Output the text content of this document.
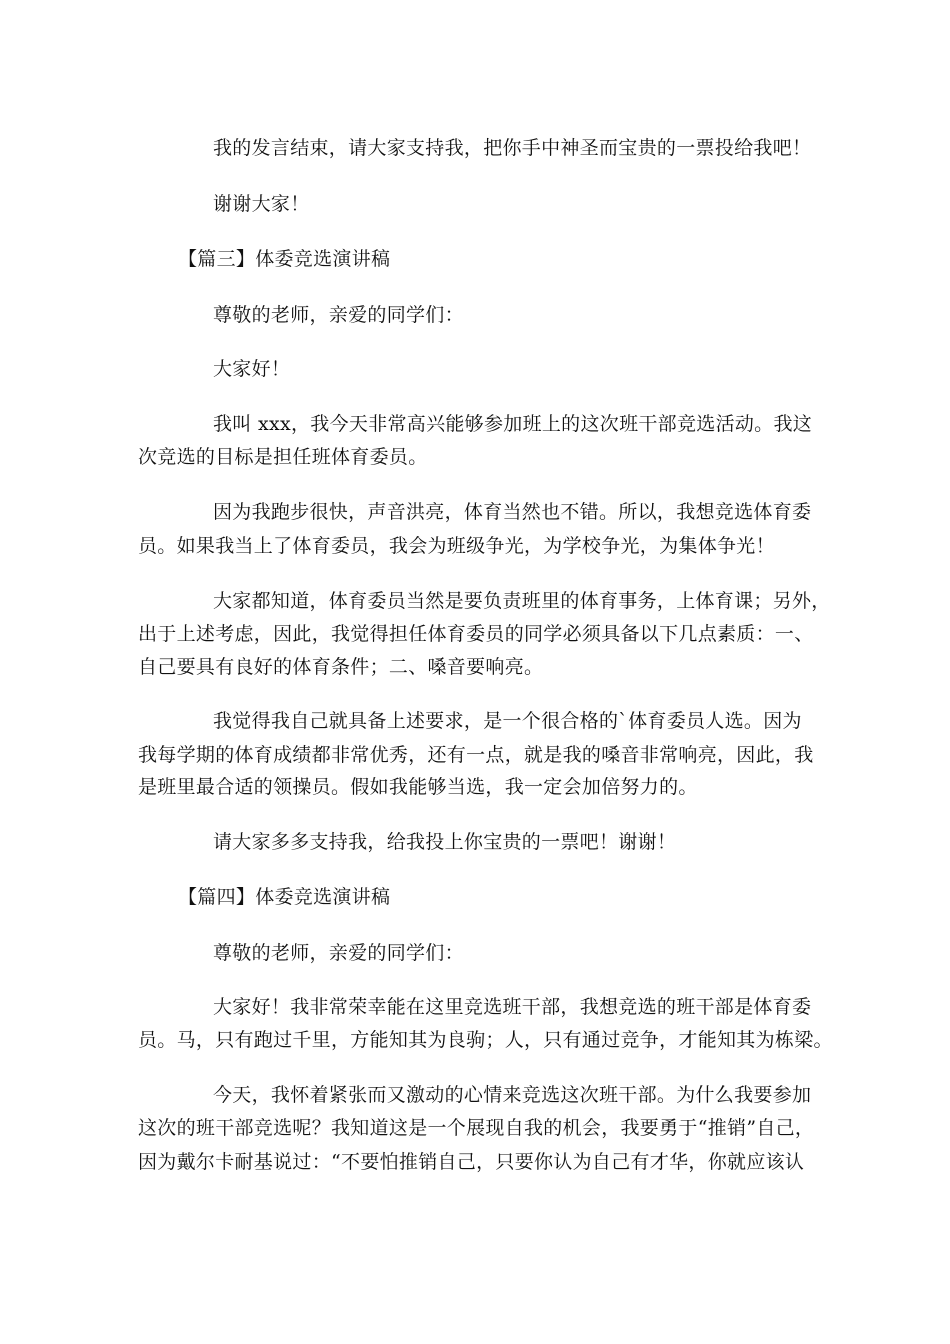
我的发言结束，请大家支持我，把你手中神圣而宝贵的一票投给我吧！
谢谢大家！
【篇三】体委竞选演讲稿
尊敬的老师，亲爱的同学们：
大家好！
我叫 xxx，我今天非常高兴能够参加班上的这次班干部竞选活动。我这
次竞选的目标是担任班体育委员。
因为我跑步很快，声音洪亮，体育当然也不错。所以，我想竞选体育委
员。如果我当上了体育委员，我会为班级争光，为学校争光，为集体争光！
大家都知道，体育委员当然是要负责班里的体育事务，上体育课；另外，
出于上述考虑，因此，我觉得担任体育委员的同学必须具备以下几点素质：一、
自己要具有良好的体育条件；二、嗓音要响亮。
我觉得我自己就具备上述要求，是一个很合格的`体育委员人选。因为
我每学期的体育成绩都非常优秀，还有一点，就是我的嗓音非常响亮，因此，我
是班里最合适的领操员。假如我能够当选，我一定会加倍努力的。
请大家多多支持我，给我投上你宝贵的一票吧！谢谢！
【篇四】体委竞选演讲稿
尊敬的老师，亲爱的同学们：
大家好！我非常荣幸能在这里竞选班干部，我想竞选的班干部是体育委
员。马，只有跑过千里，方能知其为良驹；人，只有通过竞争，才能知其为栋梁。
今天，我怀着紧张而又激动的心情来竞选这次班干部。为什么我要参加
这次的班干部竞选呢？我知道这是一个展现自我的机会，我要勇于“推销”自己，
因为戴尔卡耐基说过：“不要怕推销自己，只要你认为自己有才华，你就应该认
